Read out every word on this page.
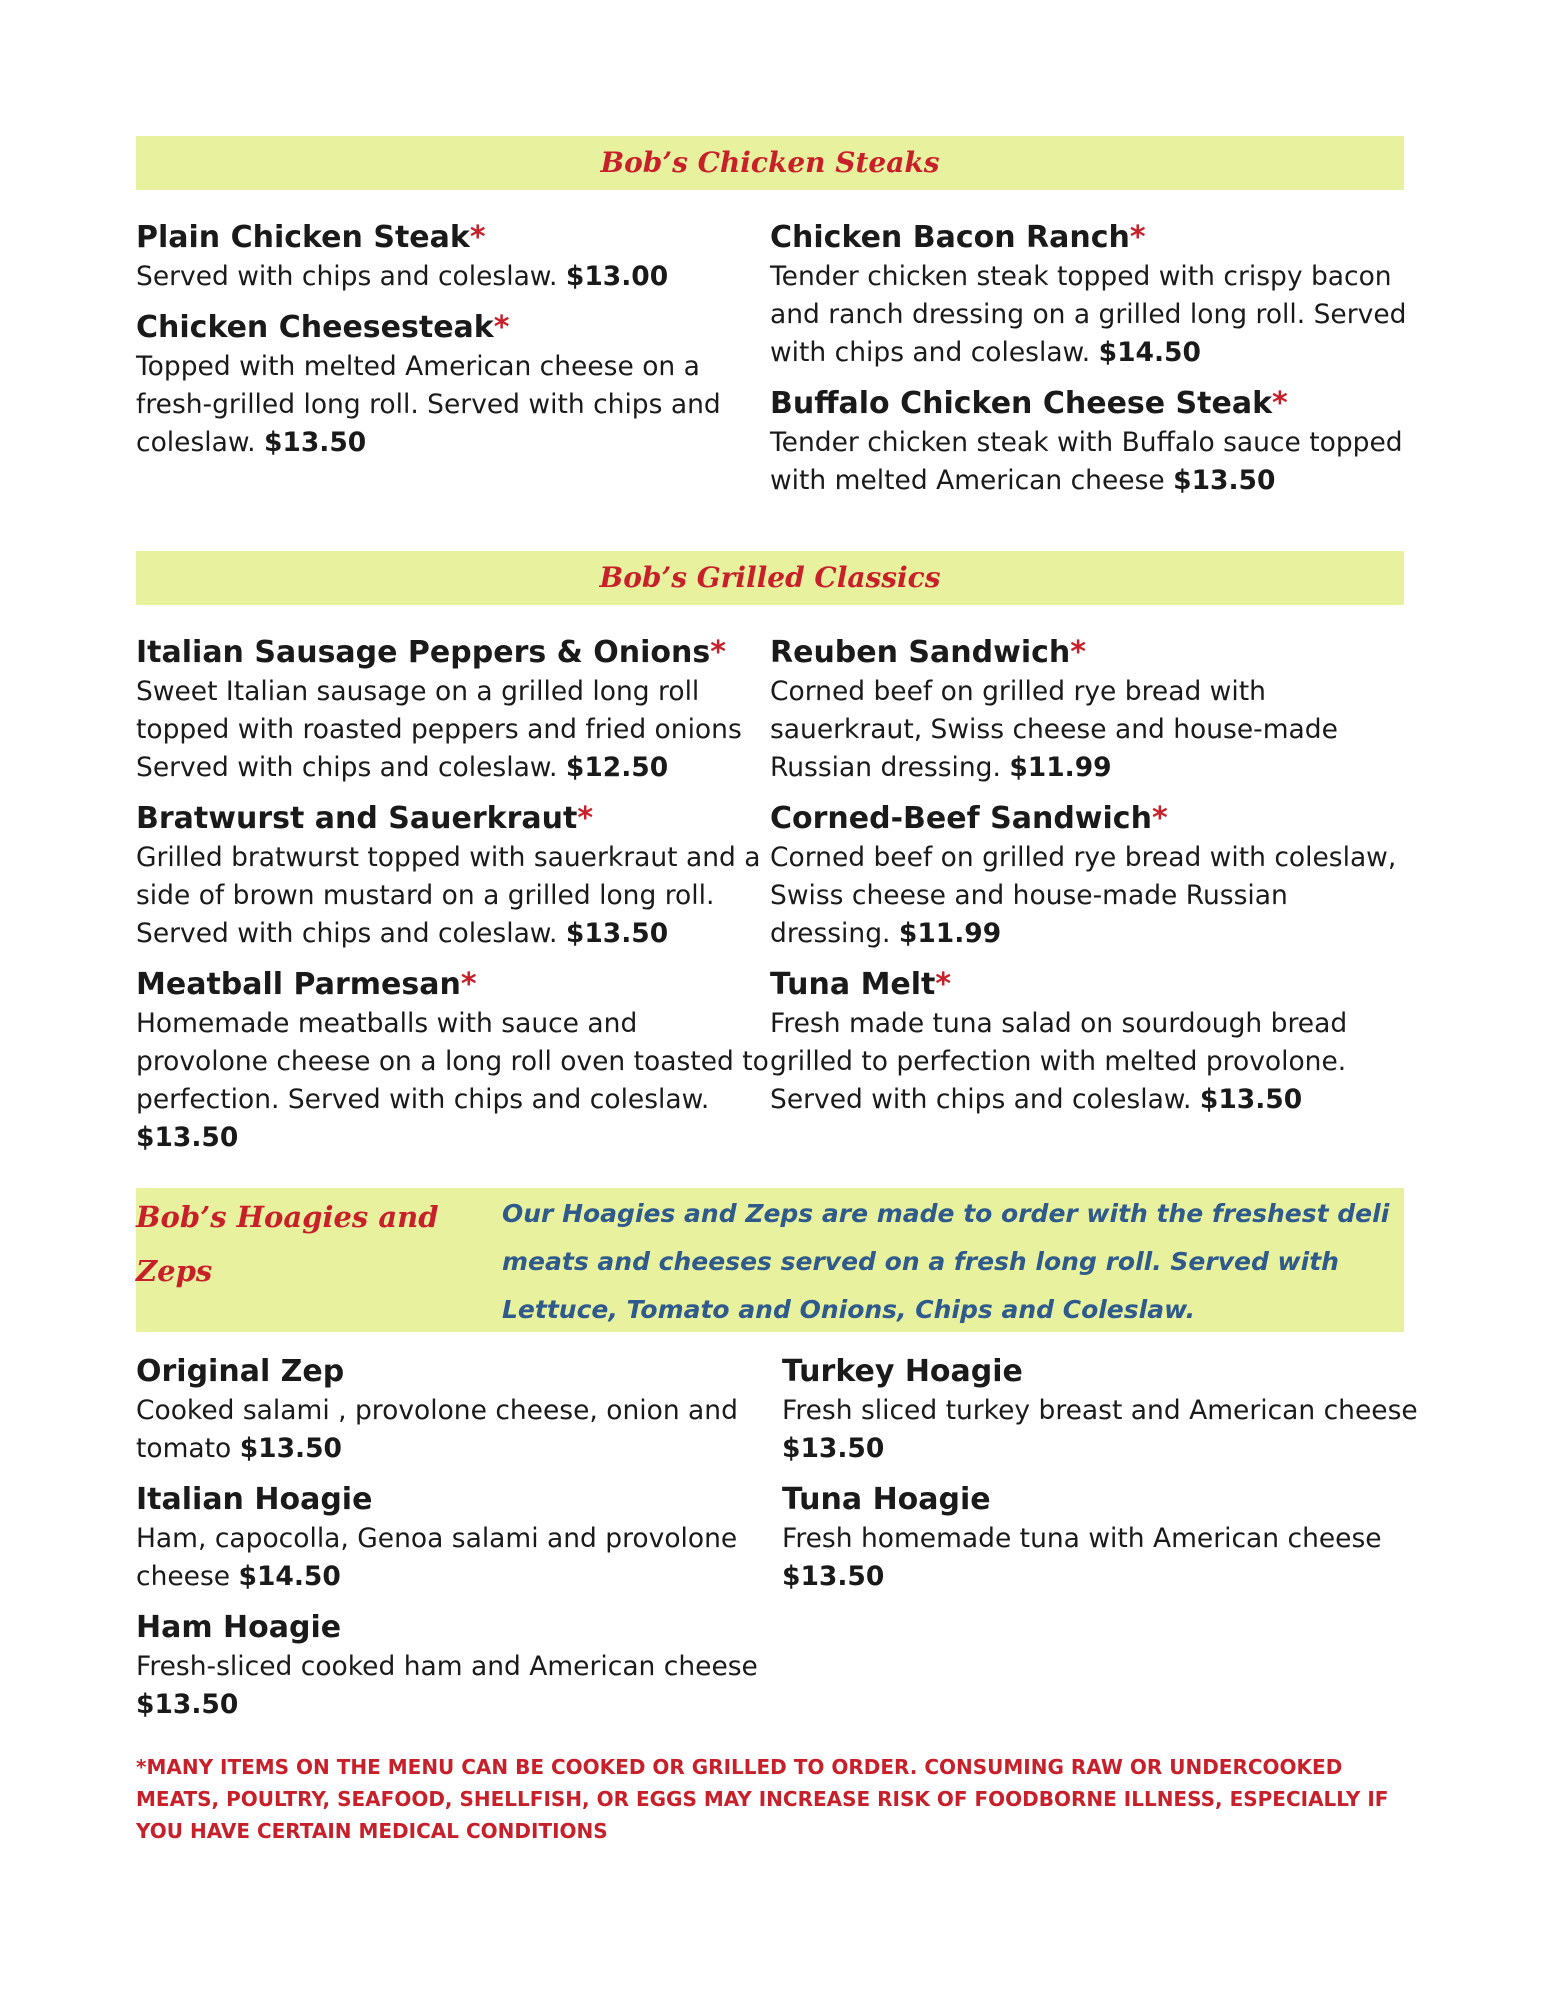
Bob’s Chicken Steaks
Plain Chicken Steak*
Served with chips and coleslaw. $13.00
Chicken Cheesesteak*
Topped with melted American cheese on a fresh-grilled long roll. Served with chips and coleslaw. $13.50
Chicken Bacon Ranch*
Tender chicken steak topped with crispy bacon and ranch dressing on a grilled long roll. Served with chips and coleslaw. $14.50
Buffalo Chicken Cheese Steak*
Tender chicken steak with Buffalo sauce topped with melted American cheese $13.50
Bob’s Grilled Classics
Italian Sausage Peppers & Onions*
Sweet Italian sausage on a grilled long roll topped with roasted peppers and fried onions Served with chips and coleslaw. $12.50
Bratwurst and Sauerkraut*
Grilled bratwurst topped with sauerkraut and a side of brown mustard on a grilled long roll. Served with chips and coleslaw. $13.50
Meatball Parmesan*
Homemade meatballs with sauce and provolone cheese on a long roll oven toasted to perfection. Served with chips and coleslaw. $13.50
Reuben Sandwich*
Corned beef on grilled rye bread with sauerkraut, Swiss cheese and house-made Russian dressing. $11.99
Corned-Beef Sandwich*
Corned beef on grilled rye bread with coleslaw, Swiss cheese and house-made Russian dressing. $11.99
Tuna Melt*
Fresh made tuna salad on sourdough bread grilled to perfection with melted provolone. Served with chips and coleslaw. $13.50
Bob’s Hoagies and Zeps
Our Hoagies and Zeps are made to order with the freshest deli meats and cheeses served on a fresh long roll. Served with Lettuce, Tomato and Onions, Chips and Coleslaw.
Original Zep
Cooked salami , provolone cheese, onion and tomato $13.50
Italian Hoagie
Ham, capocolla, Genoa salami and provolone cheese $14.50
Ham Hoagie
Fresh-sliced cooked ham and American cheese $13.50
Turkey Hoagie
Fresh sliced turkey breast and American cheese $13.50
Tuna Hoagie
Fresh homemade tuna with American cheese $13.50
*MANY ITEMS ON THE MENU CAN BE COOKED OR GRILLED TO ORDER. CONSUMING RAW OR UNDERCOOKED MEATS, POULTRY, SEAFOOD, SHELLFISH, OR EGGS MAY INCREASE RISK OF FOODBORNE ILLNESS, ESPECIALLY IF YOU HAVE CERTAIN MEDICAL CONDITIONS
